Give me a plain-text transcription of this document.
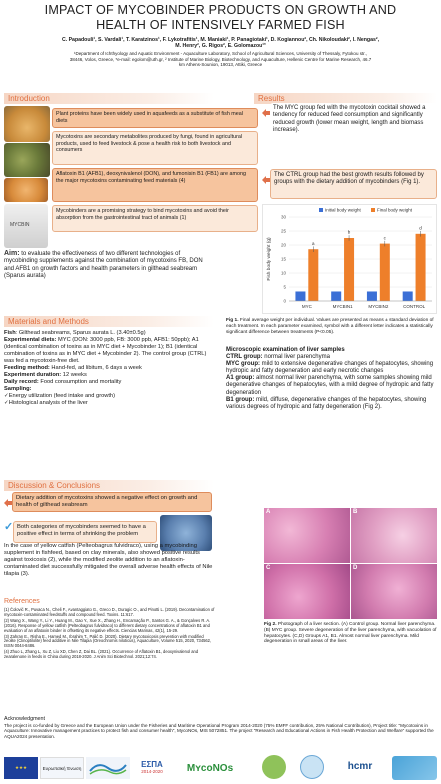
IMPACT OF MYCOBINDER PRODUCTS ON GROWTH AND
HEALTH OF INTENSIVELY FARMED FISH
C. Papadouli¹, S. Vardali¹, T. Karatzinos¹, F. Lykotrafitis¹, M. Maniaki¹, P. Panagiotaki¹, D. Kogiannou², Ch. Nikolouda​ki², I. Nengas²,
M. Henry², G. Rigos², E. Golomazou¹˟
¹Department of Ichthyology and Aquatic Environment - Aquaculture Laboratory, School of Agricultural Sciences, University of Thessaly, Fytokou str.,
38446, Volos, Greece, *e-mail: egolom@uth.gr, ² Institute of Marine Biology, Biotechnology, and Aquaculture, Hellenic Centre for Marine Research, 46.7
km Athens-Sounion, 19013, Attiki, Greece
Introduction
MYCBIN
Plant proteins have been widely used in aquafeeds as a substitute of fish meal diets
Mycotoxins are secondary metabolites produced by fungi, found in agricultural products, used to feed livestock & pose a health risk to both livestock and consumers
Aflatoxin B1 (AFB1), deoxynivalenol (DON), and fumonisin B1 (FB1) are among the major mycotoxins contaminating feed materials (4)
Mycobinders are a promising strategy to bind mycotoxins and avoid their absorption from the gastrointestinal tract of animals (1)
Aim: to evaluate the effectiveness of two different technologies of mycobinding supplements against the combination of mycotoxins FB, DON and AFB1 on growth factors and health parameters in gilthead seabream (Sparus aurata)
Materials and Methods
Fish: Gilthead seabreams, Sparus aurata L. (3.40±0.5g)
Experimental diets: MYC (DON: 3000 ppb, FB: 3000 ppb, AFB1: 50ppb); A1 (identical combination of toxins as in MYC diet + Mycobinder 1); B1 (identical combination of toxins as in MYC diet + Mycobinder 2). The control group (CTRL) was fed a mycotoxin-free diet.
Feeding method: Hand-fed, ad libitum, 6 days a week
Experiment duration: 12 weeks
Daily record: Food consumption and mortality
Sampling:
✓Energy utilization (feed intake and growth)
✓Histological analysis of the liver
Discussion & Conclusions
Dietary addition of mycotoxins showed a negative effect on growth and health of gilthead seabream
✓ Both categories of mycobinders seemed to have a positive effect in terms of shrinking the problem
In the case of yellow catfish (Pelteobagrus fulvidraco), using a mycobinding supplement in fishfeed, based on clay minerals, also showed positive results against toxicosis (2), while the modified zeolite addition to an aflatoxin-contaminated diet successfully mitigated the overall adverse health effects of Nile tilapia (3).
References
(1) Čolović R., Puvaca N., Cheli F., Avantaggiato G., Greco D., Duragic O., and Pinotti L. (2019). Decontamination of mycotoxin-contaminated feedstuffs and compound feed. Toxins. 11:617.
(2) Wang X., Wang Y., Li Y., Huang M., Gao Y., Xue X., Zhang H., Encarnação P., Santos G. A., & Gonçalves R. A. (2016). Response of yellow catfish (Pelteobagrus fulvidraco) to different dietary concentrations of aflatoxin B1 and evaluation of an aflatoxin binder in offsetting its negative effects. Ciencias Marinas, 42(1), 15-29.
(3) Zahran E., Risha E., Hamed M., Ibrahim T., Palić D. (2020). Dietary mycotoxicosis prevention with modified zeolite (Clinoptilolite) feed additive in Nile Tilapia (Oreochromis niloticus), Aquaculture, Volume 515, 2020, 734562, ISSN 0044-8486.
(4) Zhuo L, Zhang L, Xu Z, Liu XD, Chen Z, Dai BL. (2021). Occurrence of Aflatoxin B1, deoxynivalenol and zearalenone in feeds in China during 2018-2020. J Anim Sci Biotechnol. 2021;12:74.
Results
The MYC group fed with the mycotoxin cocktail showed a tendency for reduced feed consumption and significantly reduced growth (lower mean weight, length and biomass increase).
The CTRL group had the best growth results followed by groups with the dietary addition of mycobinders (Fig 1).
0
5
10
15
20
25
30
Fish body weight (g)
Initial body weight	Final body weight
a
MYC
b
MYCBIN1
c
MYCBIN2
d
CONTROL
Fig 1. Final average weight per individual. Values are presented as means ± standard deviation of each treatment. In each parameter examined, symbol with a different letter indicates a statistically significant difference between treatments (P<0.05).
Microscopic examination of liver samples
CTRL group: normal liver parenchyma
MYC group: mild to extensive degenerative changes of hepatocytes, showing hydropic and fatty degeneration and early necrotic changes
A1 group: almost normal liver parenchyma, with some samples showing mild degenerative changes of hepatocytes, with a mild degree of hydropic and fatty degeneration
B1 group: mild, diffuse, degenerative changes of the hepatocytes, showing various degrees of hydropic and fatty degeneration (Fig 2).
A	B
C	D
Fig 2. Photograph of a liver section. (A) Control group. Normal liver parenchyma. (B) MYC group. Severe degeneration of the liver parenchyma, with vacuolation of hepatocytes. (C,D) Groups A1, B1. Almost normal liver parenchyma. Mild degeneration in small areas of the liver.
Acknowledgment
The project is co-funded by Greece and the European Union under the Fisheries and Maritime Operational Program 2014-2020 (75% EMFF contribution, 25% National Contribution), Project title: "Mycotoxins in Aquaculture: Innovative management practices to protect fish and consumer health", MycoNOs, MIS 5072851. The project "Research and Educational Actions in Fish Health Protection and Welfare" supported the AQUA2024 presentation.
★★★	Ευρωπαϊκή Ένωση	ΕΣΠΑ
2014-2020	MʏcoNOs	hcmr
